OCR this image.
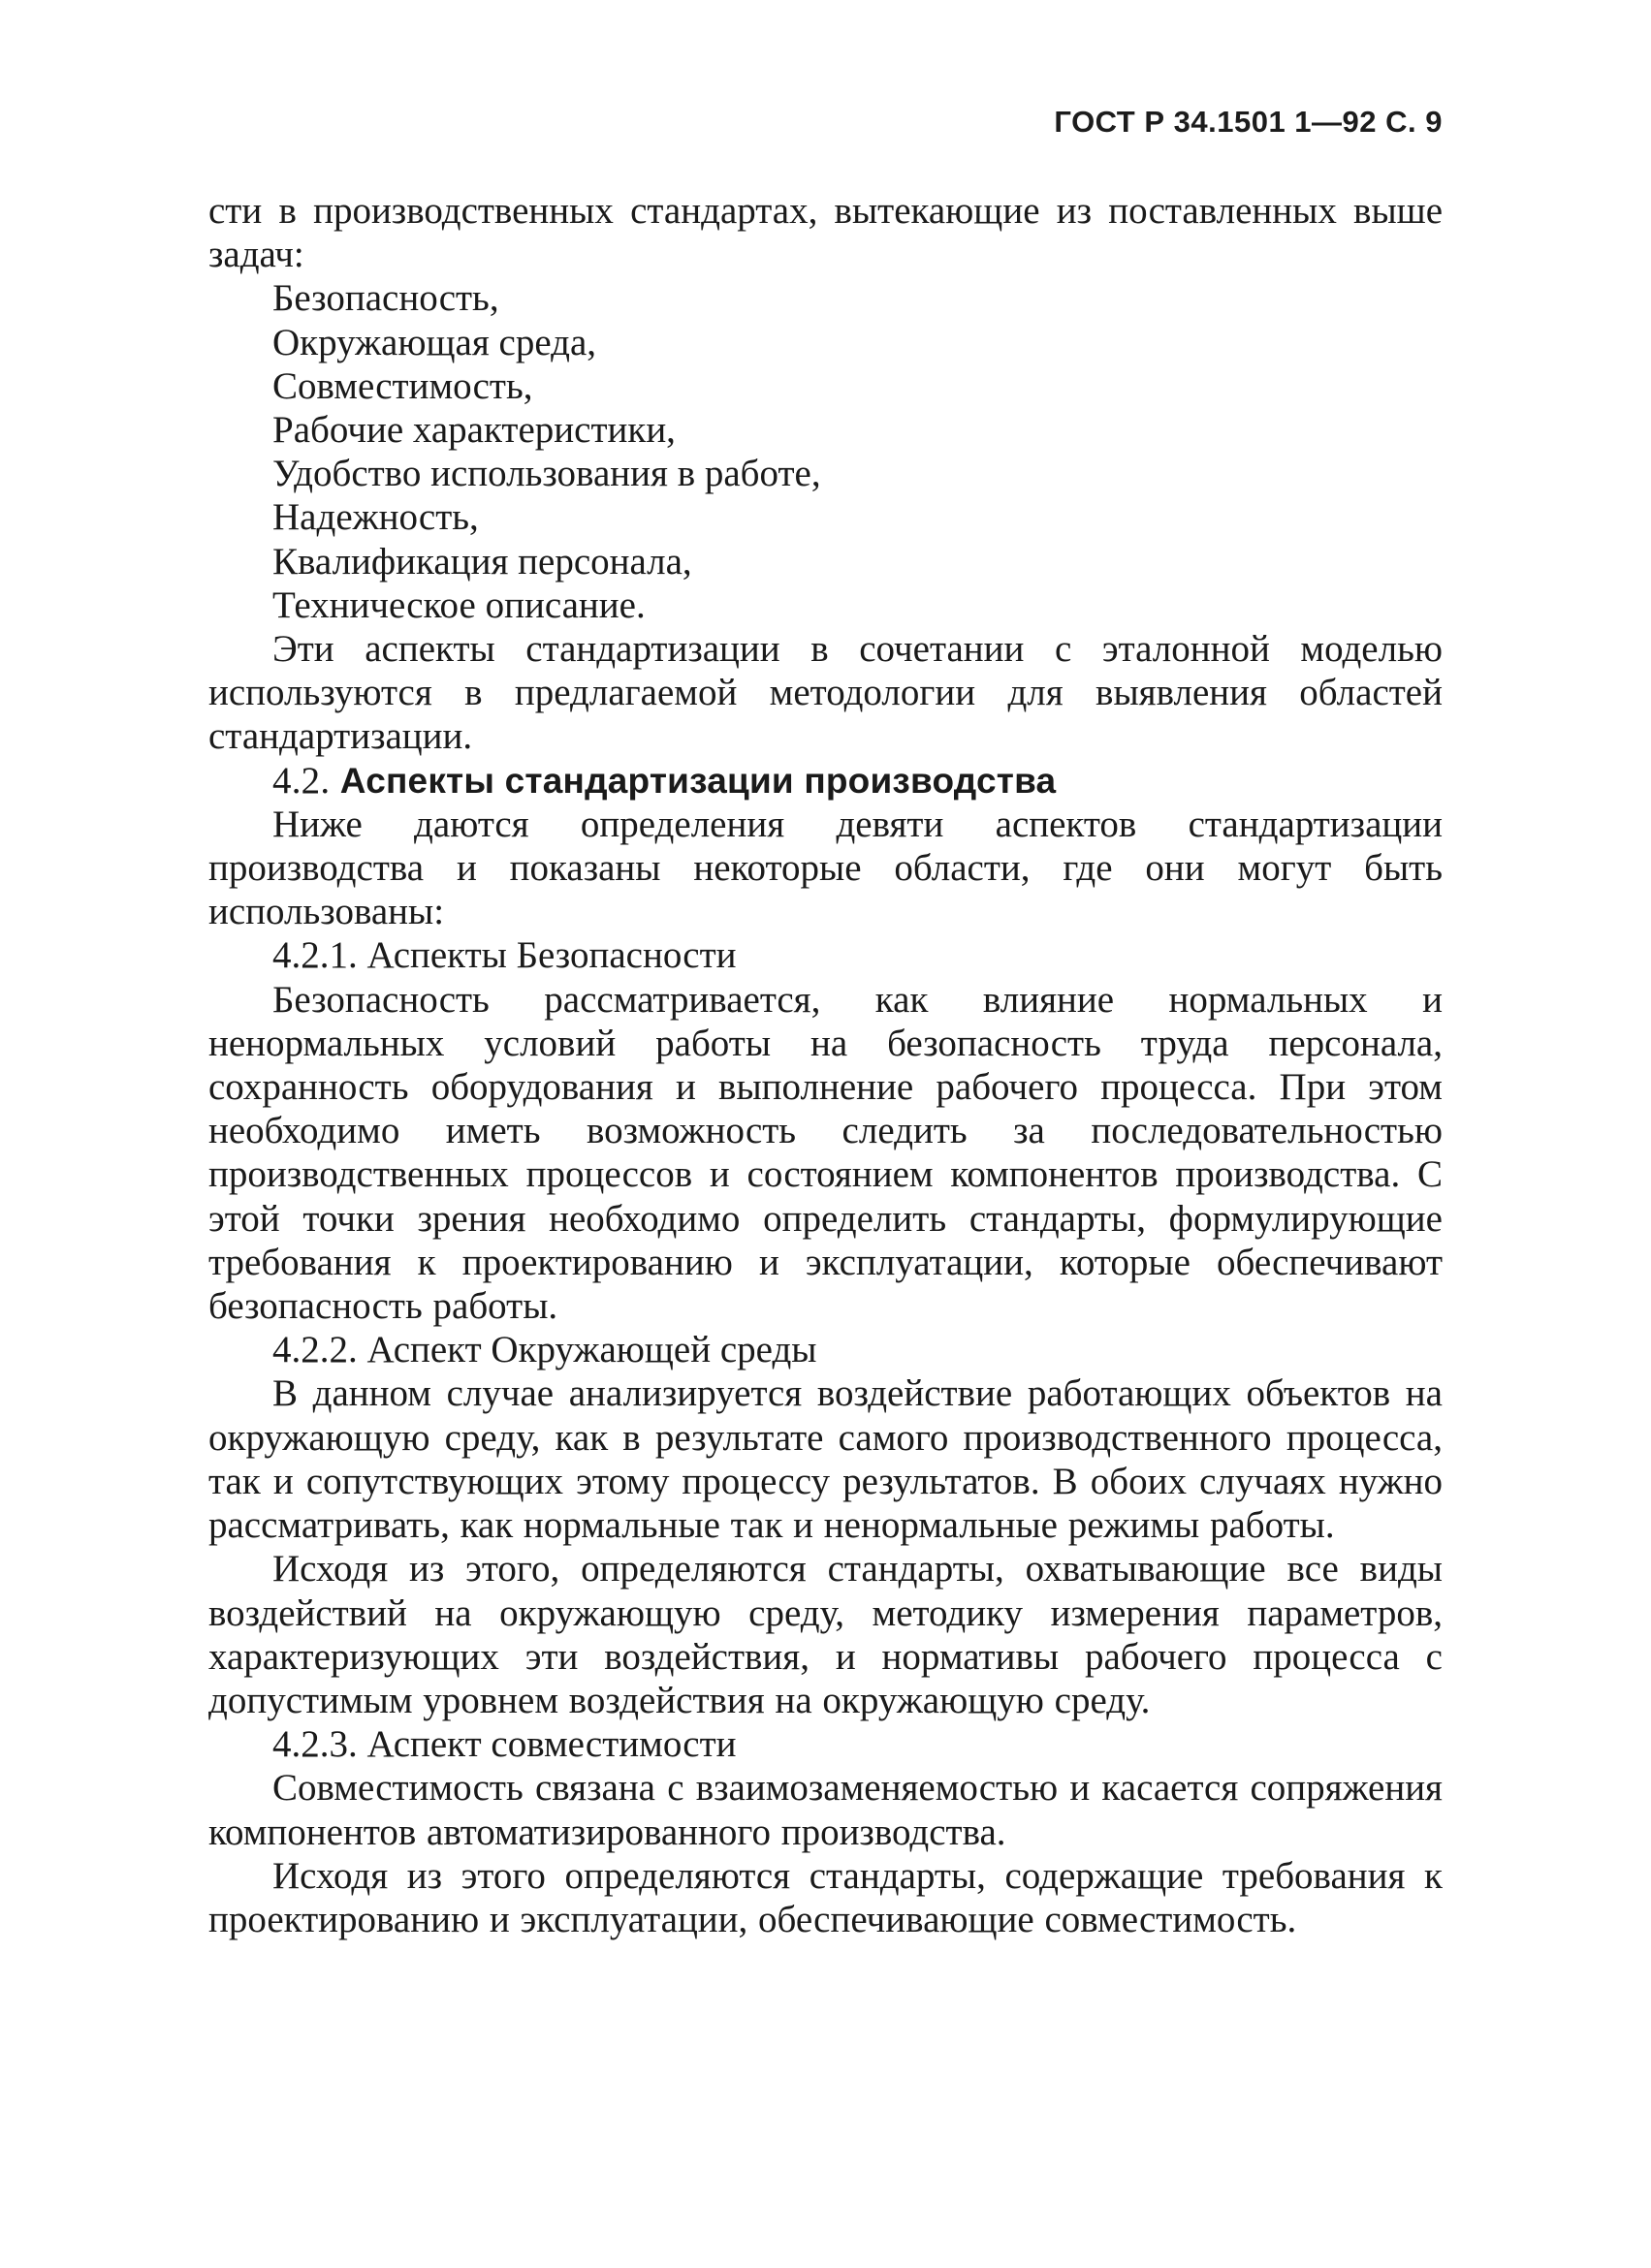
ГОСТ Р 34.1501 1—92 С. 9

сти в производственных стандартах, вытекающие из поставленных выше задач:

Безопасность,

Окружающая среда,

Совместимость,

Рабочие характеристики,

Удобство использования в работе,

Надежность,

Квалификация персонала,

Техническое описание.

Эти аспекты стандартизации в сочетании с эталонной моделью используются в предлагаемой методологии для выявления областей стандартизации.

4.2. Аспекты стандартизации производства

Ниже даются определения девяти аспектов стандартизации производства и показаны некоторые области, где они могут быть использованы:

4.2.1. Аспекты Безопасности

Безопасность рассматривается, как влияние нормальных и ненормальных условий работы на безопасность труда персонала, сохранность оборудования и выполнение рабочего процесса. При этом необходимо иметь возможность следить за последовательностью производственных процессов и состоянием компонентов производства. С этой точки зрения необходимо определить стандарты, формулирующие требования к проектированию и эксплуатации, которые обеспечивают безопасность работы.

4.2.2. Аспект Окружающей среды

В данном случае анализируется воздействие работающих объектов на окружающую среду, как в результате самого производственного процесса, так и сопутствующих этому процессу результатов. В обоих случаях нужно рассматривать, как нормальные так и ненормальные режимы работы.

Исходя из этого, определяются стандарты, охватывающие все виды воздействий на окружающую среду, методику измерения параметров, характеризующих эти воздействия, и нормативы рабочего процесса с допустимым уровнем воздействия на окружающую среду.

4.2.3. Аспект совместимости

Совместимость связана с взаимозаменяемостью и касается сопряжения компонентов автоматизированного производства.

Исходя из этого определяются стандарты, содержащие требования к проектированию и эксплуатации, обеспечивающие совместимость.
